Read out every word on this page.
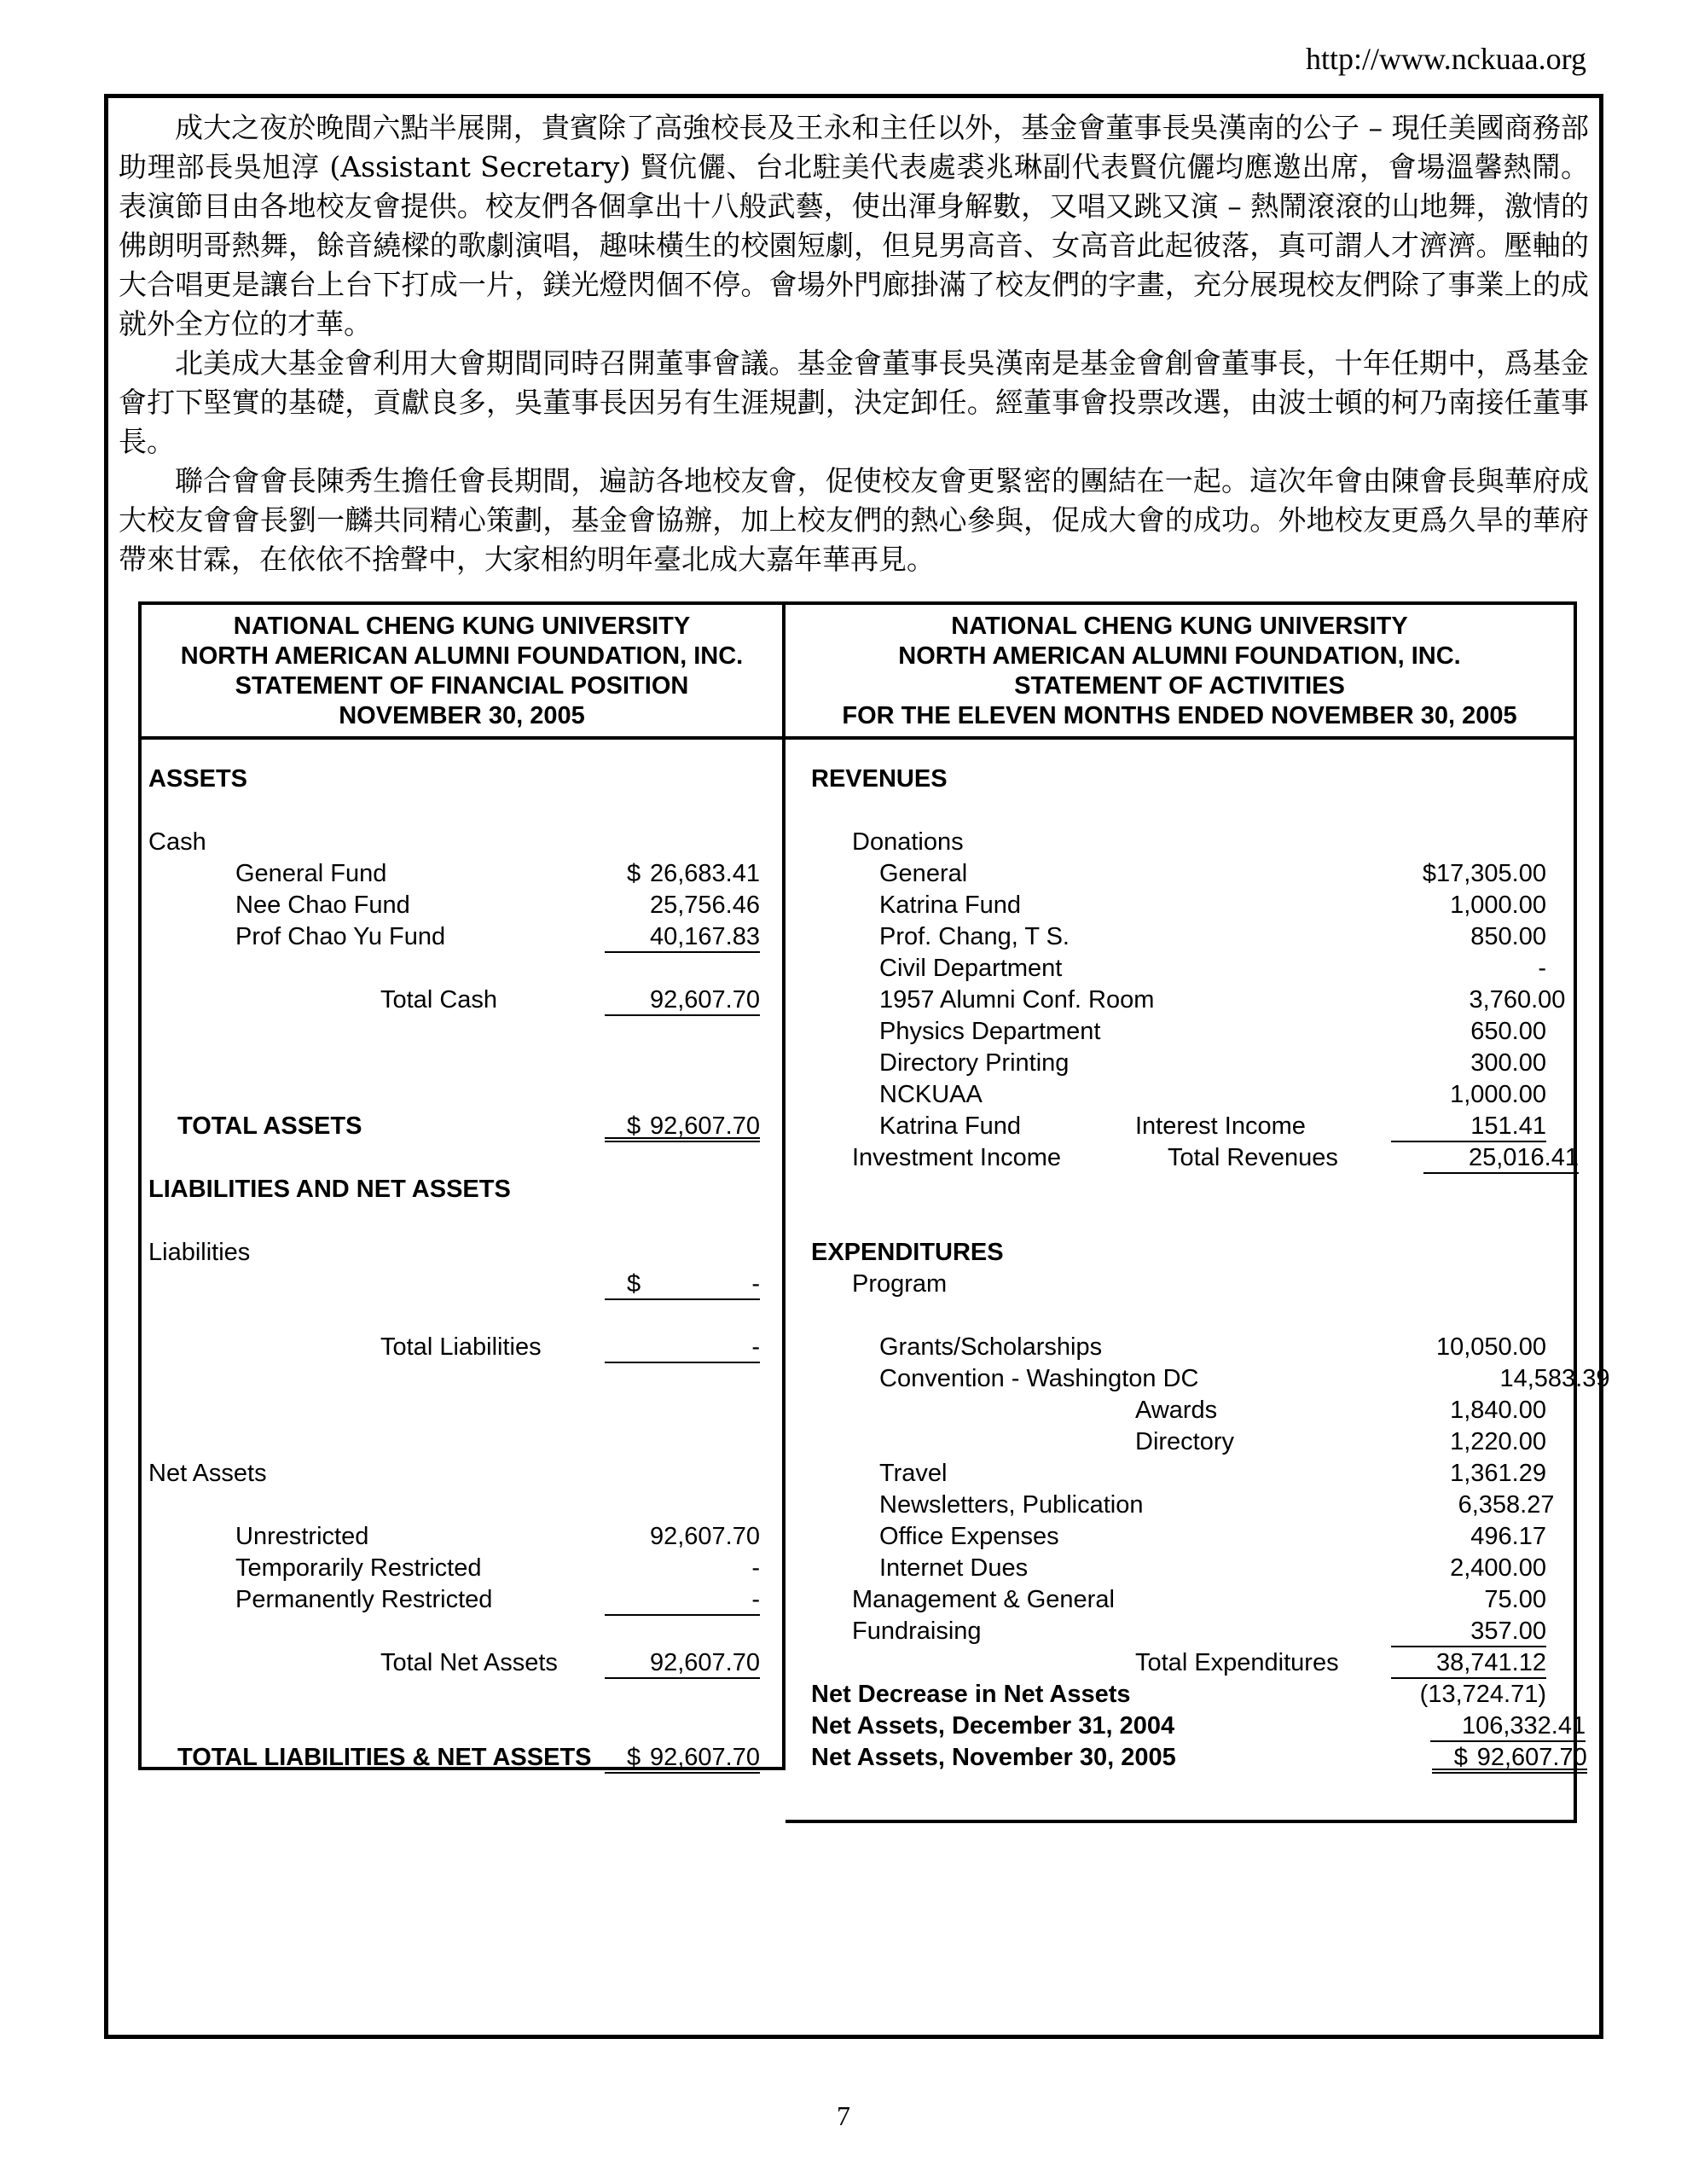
http://www.nckuaa.org

成大之夜於晚間六點半展開，貴賓除了高強校長及王永和主任以外，基金會董事長吳漢南的公子 – 現任美國商務部助理部長吳旭淳 (Assistant Secretary) 賢伉儷、台北駐美代表處裘兆琳副代表賢伉儷均應邀出席，會場溫馨熱鬧。表演節目由各地校友會提供。校友們各個拿出十八般武藝，使出渾身解數，又唱又跳又演 – 熱鬧滾滾的山地舞，激情的佛朗明哥熱舞，餘音繞樑的歌劇演唱，趣味橫生的校園短劇，但見男高音、女高音此起彼落，真可謂人才濟濟。壓軸的大合唱更是讓台上台下打成一片，鎂光燈閃個不停。會場外門廊掛滿了校友們的字畫，充分展現校友們除了事業上的成就外全方位的才華。

北美成大基金會利用大會期間同時召開董事會議。基金會董事長吳漢南是基金會創會董事長，十年任期中，爲基金會打下堅實的基礎，貢獻良多，吳董事長因另有生涯規劃，決定卸任。經董事會投票改選，由波士頓的柯乃南接任董事長。

聯合會會長陳秀生擔任會長期間，遍訪各地校友會，促使校友會更緊密的團結在一起。這次年會由陳會長與華府成大校友會會長劉一麟共同精心策劃，基金會協辦，加上校友們的熱心參與，促成大會的成功。外地校友更爲久旱的華府帶來甘霖，在依依不捨聲中，大家相約明年臺北成大嘉年華再見。

NATIONAL CHENG KUNG UNIVERSITY
NORTH AMERICAN ALUMNI FOUNDATION, INC.
STATEMENT OF FINANCIAL POSITION
NOVEMBER 30, 2005
ASSETS
Cash
General Fund	$ 26,683.41
Nee Chao Fund	25,756.46
Prof Chao Yu Fund	40,167.83
Total Cash	92,607.70
TOTAL ASSETS	$ 92,607.70
LIABILITIES AND NET ASSETS
Liabilities
$	-
Total Liabilities	-
Net Assets
Unrestricted	92,607.70
Temporarily Restricted	-
Permanently Restricted	-
Total Net Assets	92,607.70
TOTAL LIABILITIES & NET ASSETS	$ 92,607.70
NATIONAL CHENG KUNG UNIVERSITY
NORTH AMERICAN ALUMNI FOUNDATION, INC.
STATEMENT OF ACTIVITIES
FOR THE ELEVEN MONTHS ENDED NOVEMBER 30, 2005
REVENUES
Donations
General	$17,305.00
Katrina Fund	1,000.00
Prof. Chang, T S.	850.00
Civil Department	-
1957 Alumni Conf. Room	3,760.00
Physics Department	650.00
Directory Printing	300.00
NCKUAA	1,000.00
Katrina Fund	Interest Income	151.41
Investment Income	Total Revenues	25,016.41
EXPENDITURES
Program
Grants/Scholarships	10,050.00
Convention - Washington DC	14,583.39
Awards	1,840.00
Directory	1,220.00
Travel	1,361.29
Newsletters, Publication	6,358.27
Office Expenses	496.17
Internet Dues	2,400.00
Management & General	75.00
Fundraising	357.00
Total Expenditures	38,741.12
Net Decrease in Net Assets	(13,724.71)
Net Assets, December 31, 2004	106,332.41
Net Assets, November 30, 2005	$ 92,607.70
7
